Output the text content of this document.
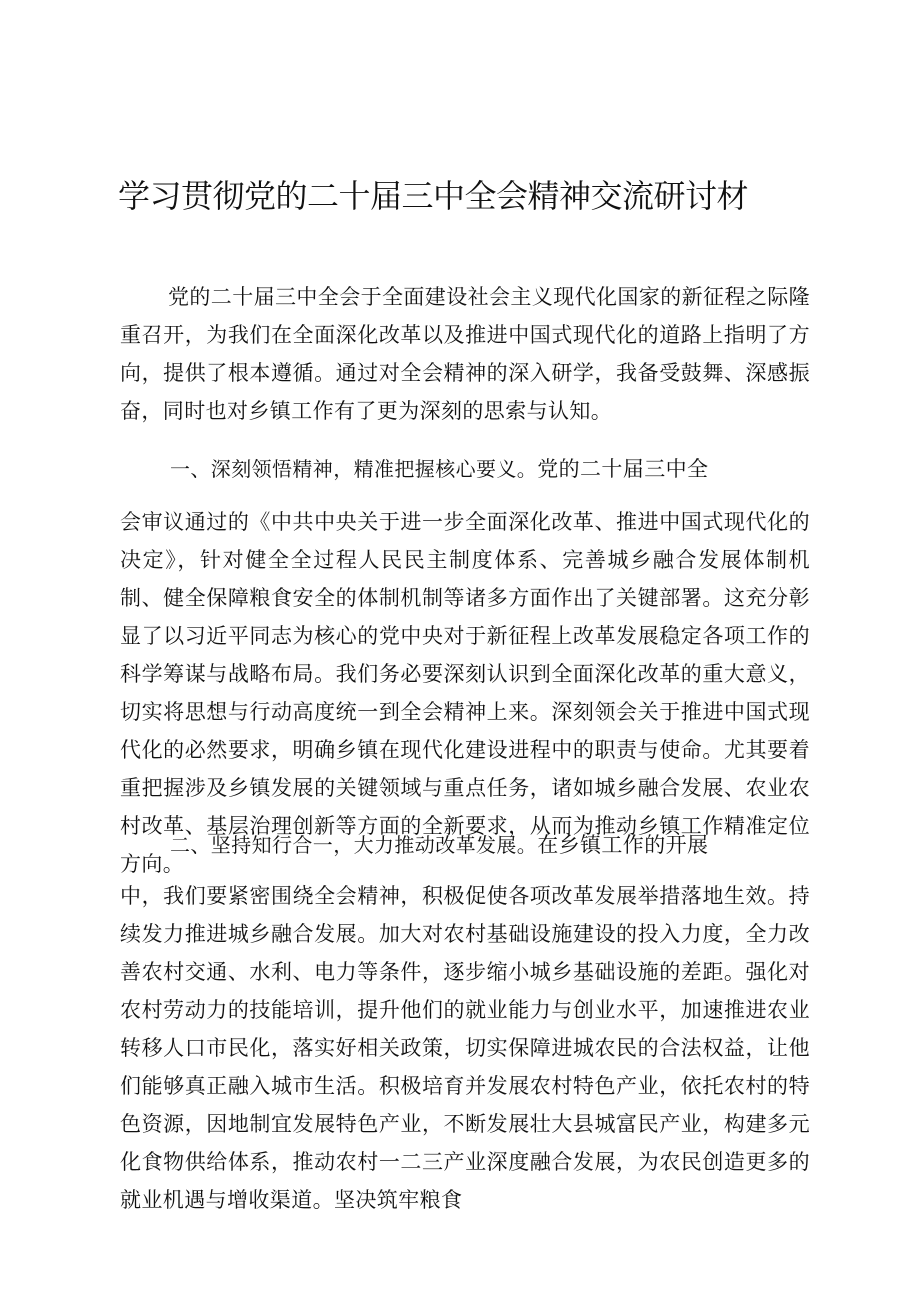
学习贯彻党的二十届三中全会精神交流研讨材

党的二十届三中全会于全面建设社会主义现代化国家的新征程之际隆重召开，为我们在全面深化改革以及推进中国式现代化的道路上指明了方向，提供了根本遵循。通过对全会精神的深入研学，我备受鼓舞、深感振奋，同时也对乡镇工作有了更为深刻的思索与认知。

一、深刻领悟精神，精准把握核心要义。党的二十届三中全

会审议通过的《中共中央关于进一步全面深化改革、推进中国式现代化的决定》，针对健全全过程人民民主制度体系、完善城乡融合发展体制机制、健全保障粮食安全的体制机制等诸多方面作出了关键部署。这充分彰显了以习近平同志为核心的党中央对于新征程上改革发展稳定各项工作的科学筹谋与战略布局。我们务必要深刻认识到全面深化改革的重大意义，切实将思想与行动高度统一到全会精神上来。深刻领会关于推进中国式现代化的必然要求，明确乡镇在现代化建设进程中的职责与使命。尤其要着重把握涉及乡镇发展的关键领域与重点任务，诸如城乡融合发展、农业农村改革、基层治理创新等方面的全新要求，从而为推动乡镇工作精准定位方向。

二、坚持知行合一，大力推动改革发展。在乡镇工作的开展

中，我们要紧密围绕全会精神，积极促使各项改革发展举措落地生效。持续发力推进城乡融合发展。加大对农村基础设施建设的投入力度，全力改善农村交通、水利、电力等条件，逐步缩小城乡基础设施的差距。强化对农村劳动力的技能培训，提升他们的就业能力与创业水平，加速推进农业转移人口市民化，落实好相关政策，切实保障进城农民的合法权益，让他们能够真正融入城市生活。积极培育并发展农村特色产业，依托农村的特色资源，因地制宜发展特色产业，不断发展壮大县城富民产业，构建多元化食物供给体系，推动农村一二三产业深度融合发展，为农民创造更多的就业机遇与增收渠道。坚决筑牢粮食
